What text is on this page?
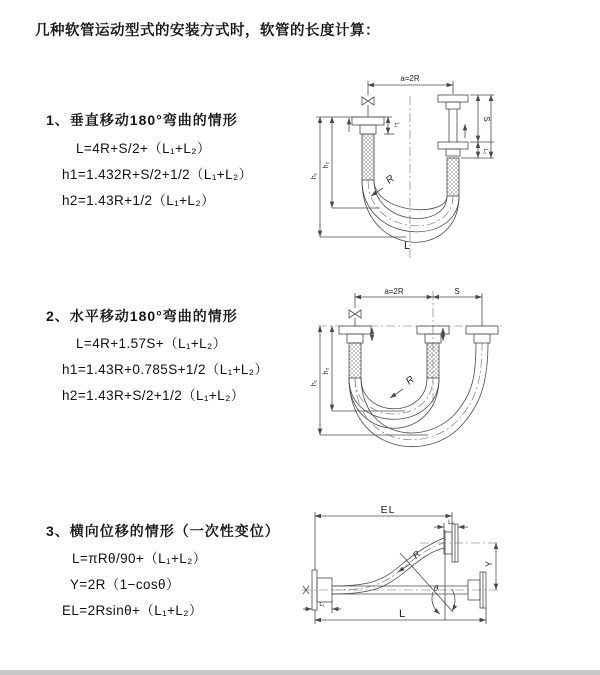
几种软管运动型式的安装方式时，软管的长度计算：
1、垂直移动180°弯曲的情形
L=4R+S/2+（L₁+L₂）
h1=1.432R+S/2+1/2（L₁+L₂）
h2=1.43R+1/2（L₁+L₂）
2、水平移动180°弯曲的情形
L=4R+1.57S+（L₁+L₂）
h1=1.43R+0.785S+1/2（L₁+L₂）
h2=1.43R+S/2+1/2（L₁+L₂）
3、横向位移的情形（一次性变位）
L=πRθ/90+（L₁+L₂）
Y=2R（1−cosθ）
EL=2Rsinθ+（L₁+L₂）
a=2R
L₁
S
L₂
h₁
h₂
R
L
a=2R	S
h₁
h₂
R
EL
L₂
R
θ
Y
L
L₁
